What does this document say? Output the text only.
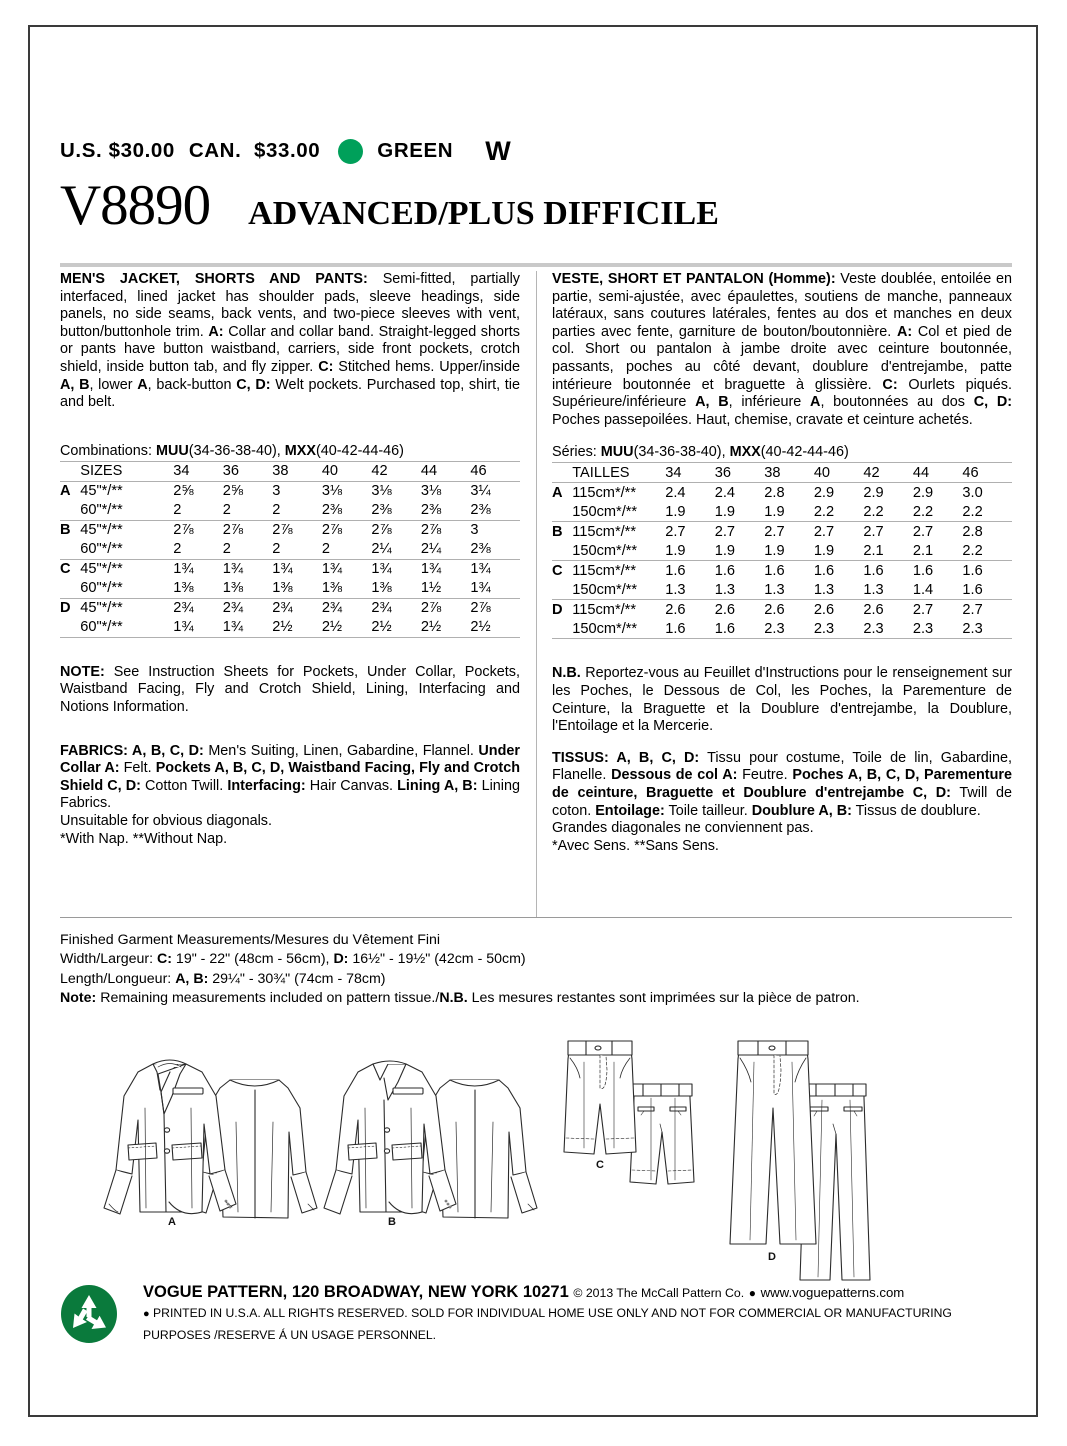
U.S. $30.00 CAN.  $33.00	GREEN W
V8890 ADVANCED/PLUS DIFFICILE

MEN'S JACKET, SHORTS AND PANTS: Semi-fitted, partially interfaced, lined jacket has shoulder pads, sleeve headings, side panels, no side seams, back vents, and two-piece sleeves with vent, button/buttonhole trim. A: Collar and collar band. Straight-legged shorts or pants have button waistband, carriers, side front pockets, crotch shield, inside button tab, and fly zipper. C: Stitched hems. Upper/inside A, B, lower A, back-button C, D: Welt pockets. Purchased top, shirt, tie and belt.

Combinations: MUU(34-36-38-40), MXX(40-42-44-46)
	SIZES	34	36	38	40	42	44	46
A	45"*/**	2⅝	2⅝	3	3⅛	3⅛	3⅛	3¼
	60"*/**	2	2	2	2⅜	2⅜	2⅜	2⅜
B	45"*/**	2⅞	2⅞	2⅞	2⅞	2⅞	2⅞	3
	60"*/**	2	2	2	2	2¼	2¼	2⅜
C	45"*/**	1¾	1¾	1¾	1¾	1¾	1¾	1¾
	60"*/**	1⅜	1⅜	1⅜	1⅜	1⅜	1½	1¾
D	45"*/**	2¾	2¾	2¾	2¾	2¾	2⅞	2⅞
	60"*/**	1¾	1¾	2½	2½	2½	2½	2½

NOTE: See Instruction Sheets for Pockets, Under Collar, Pockets, Waistband Facing, Fly and Crotch Shield, Lining, Interfacing and Notions Information.

FABRICS: A, B, C, D: Men's Suiting, Linen, Gabardine, Flannel. Under Collar A: Felt. Pockets A, B, C, D, Waistband Facing, Fly and Crotch Shield C, D: Cotton Twill. Interfacing: Hair Canvas. Lining A, B: Lining Fabrics.

Unsuitable for obvious diagonals.

*With Nap. **Without Nap.

VESTE, SHORT ET PANTALON (Homme): Veste doublée, entoilée en partie, semi-ajustée, avec épaulettes, soutiens de manche, panneaux latéraux, sans coutures latérales, fentes au dos et manches en deux parties avec fente, garniture de bouton/boutonnière. A: Col et pied de col. Short ou pantalon à jambe droite avec ceinture boutonnée, passants, poches au côté devant, doublure d'entrejambe, patte intérieure boutonnée et braguette à glissière. C: Ourlets piqués. Supérieure/inférieure A, B, inférieure A, boutonnées au dos C, D: Poches passepoilées. Haut, chemise, cravate et ceinture achetés.

Séries: MUU(34-36-38-40), MXX(40-42-44-46)
	TAILLES	34	36	38	40	42	44	46
A	115cm*/**	2.4	2.4	2.8	2.9	2.9	2.9	3.0
	150cm*/**	1.9	1.9	1.9	2.2	2.2	2.2	2.2
B	115cm*/**	2.7	2.7	2.7	2.7	2.7	2.7	2.8
	150cm*/**	1.9	1.9	1.9	1.9	2.1	2.1	2.2
C	115cm*/**	1.6	1.6	1.6	1.6	1.6	1.6	1.6
	150cm*/**	1.3	1.3	1.3	1.3	1.3	1.4	1.6
D	115cm*/**	2.6	2.6	2.6	2.6	2.6	2.7	2.7
	150cm*/**	1.6	1.6	2.3	2.3	2.3	2.3	2.3

N.B. Reportez-vous au Feuillet d'Instructions pour le renseignement sur les Poches, le Dessous de Col, les Poches, la Parementure de Ceinture, la Braguette et la Doublure d'entrejambe, la Doublure, l'Entoilage et la Mercerie.

TISSUS: A, B, C, D: Tissu pour costume, Toile de lin, Gabardine, Flanelle. Dessous de col A: Feutre. Poches A, B, C, D, Parementure de ceinture, Braguette et Doublure d'entrejambe C, D: Twill de coton. Entoilage: Toile tailleur. Doublure A, B: Tissus de doublure.

Grandes diagonales ne conviennent pas.

*Avec Sens. **Sans Sens.

Finished Garment Measurements/Mesures du Vêtement Fini
Width/Largeur: C: 19" - 22" (48cm - 56cm), D: 16½" - 19½" (42cm - 50cm)
Length/Longueur: A, B: 29¼" - 30¾" (74cm - 78cm)
Note: Remaining measurements included on pattern tissue./N.B. Les mesures restantes sont imprimées sur la pièce de patron.
A	B
C
D
VOGUE PATTERN, 120 BROADWAY, NEW YORK 10271 © 2013 The McCall Pattern Co. ● www.voguepatterns.com
● PRINTED IN U.S.A. ALL RIGHTS RESERVED. SOLD FOR INDIVIDUAL HOME USE ONLY AND NOT FOR COMMERCIAL OR MANUFACTURING
PURPOSES /RESERVE Á UN USAGE PERSONNEL.
